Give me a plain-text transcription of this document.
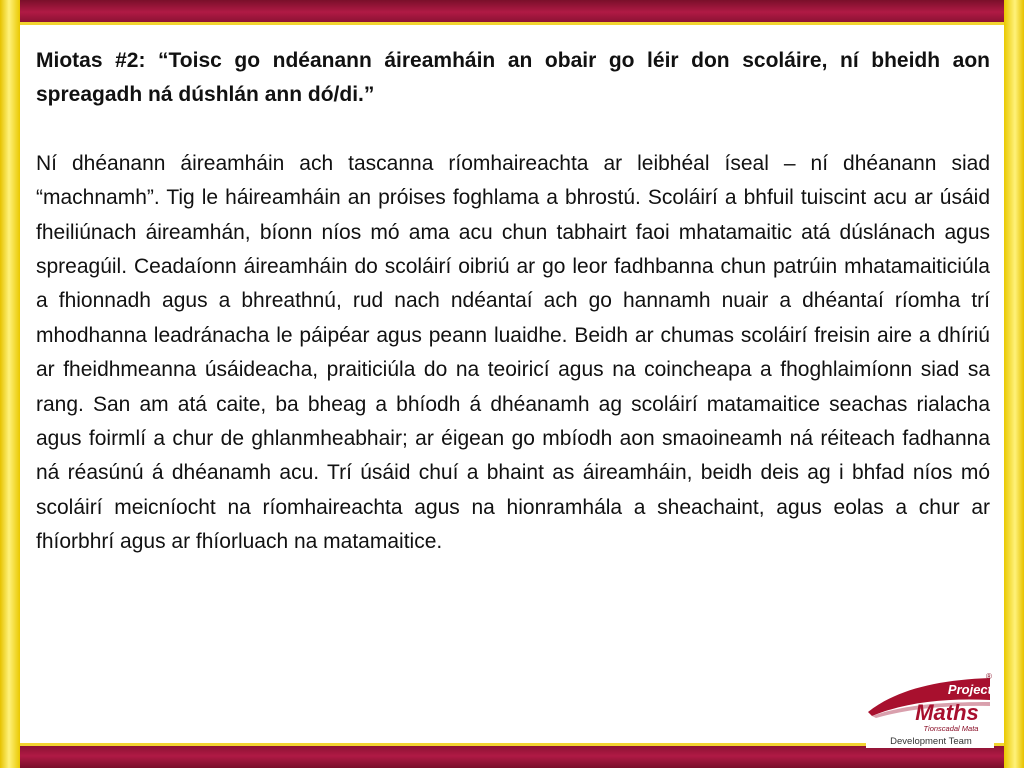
Miotas #2: “Toisc go ndéanann áireamháin an obair go léir don scoláire, ní bheidh aon spreagadh ná dúshlán ann dó/di.”

Ní dhéanann áireamháin ach tascanna ríomhaireachta ar leibhéal íseal – ní dhéanann siad “machnamh”. Tig le háireamháin an próises foghlama a bhrostú. Scoláirí a bhfuil tuiscint acu ar úsáid fheiliúnach áireamhán, bíonn níos mó ama acu chun tabhairt faoi mhatamaitic atá dúslánach agus spreagúil. Ceadaíonn áireamháin do scoláirí oibriú ar go leor fadhbanna chun patrúin mhatamaiticiúla a fhionnadh agus a bhreathnú, rud nach ndéantaí ach go hannamh nuair a dhéantaí ríomha trí mhodhanna leadránacha le páipéar agus peann luaidhe. Beidh ar chumas scoláirí freisin aire a dhíriú ar fheidhmeanna úsáideacha, praiticiúla do na teoiricí agus na coincheapa a fhoghlaimíonn siad sa rang. San am atá caite, ba bheag a bhíodh á dhéanamh ag scoláirí matamaitice seachas rialacha agus foirmlí a chur de ghlanmheabhair; ar éigean go mbíodh aon smaoineamh ná réiteach fadhanna ná réasúnú á dhéanamh acu. Trí úsáid chuí a bhaint as áireamháin, beidh deis ag i bhfad níos mó scoláirí meicníocht na ríomhaireachta agus na hionramhála a sheachaint, agus eolas a chur ar fhíorbhrí agus ar fhíorluach na matamaitice.

Project
®
Maths
Tionscadal Mata
Development Team
